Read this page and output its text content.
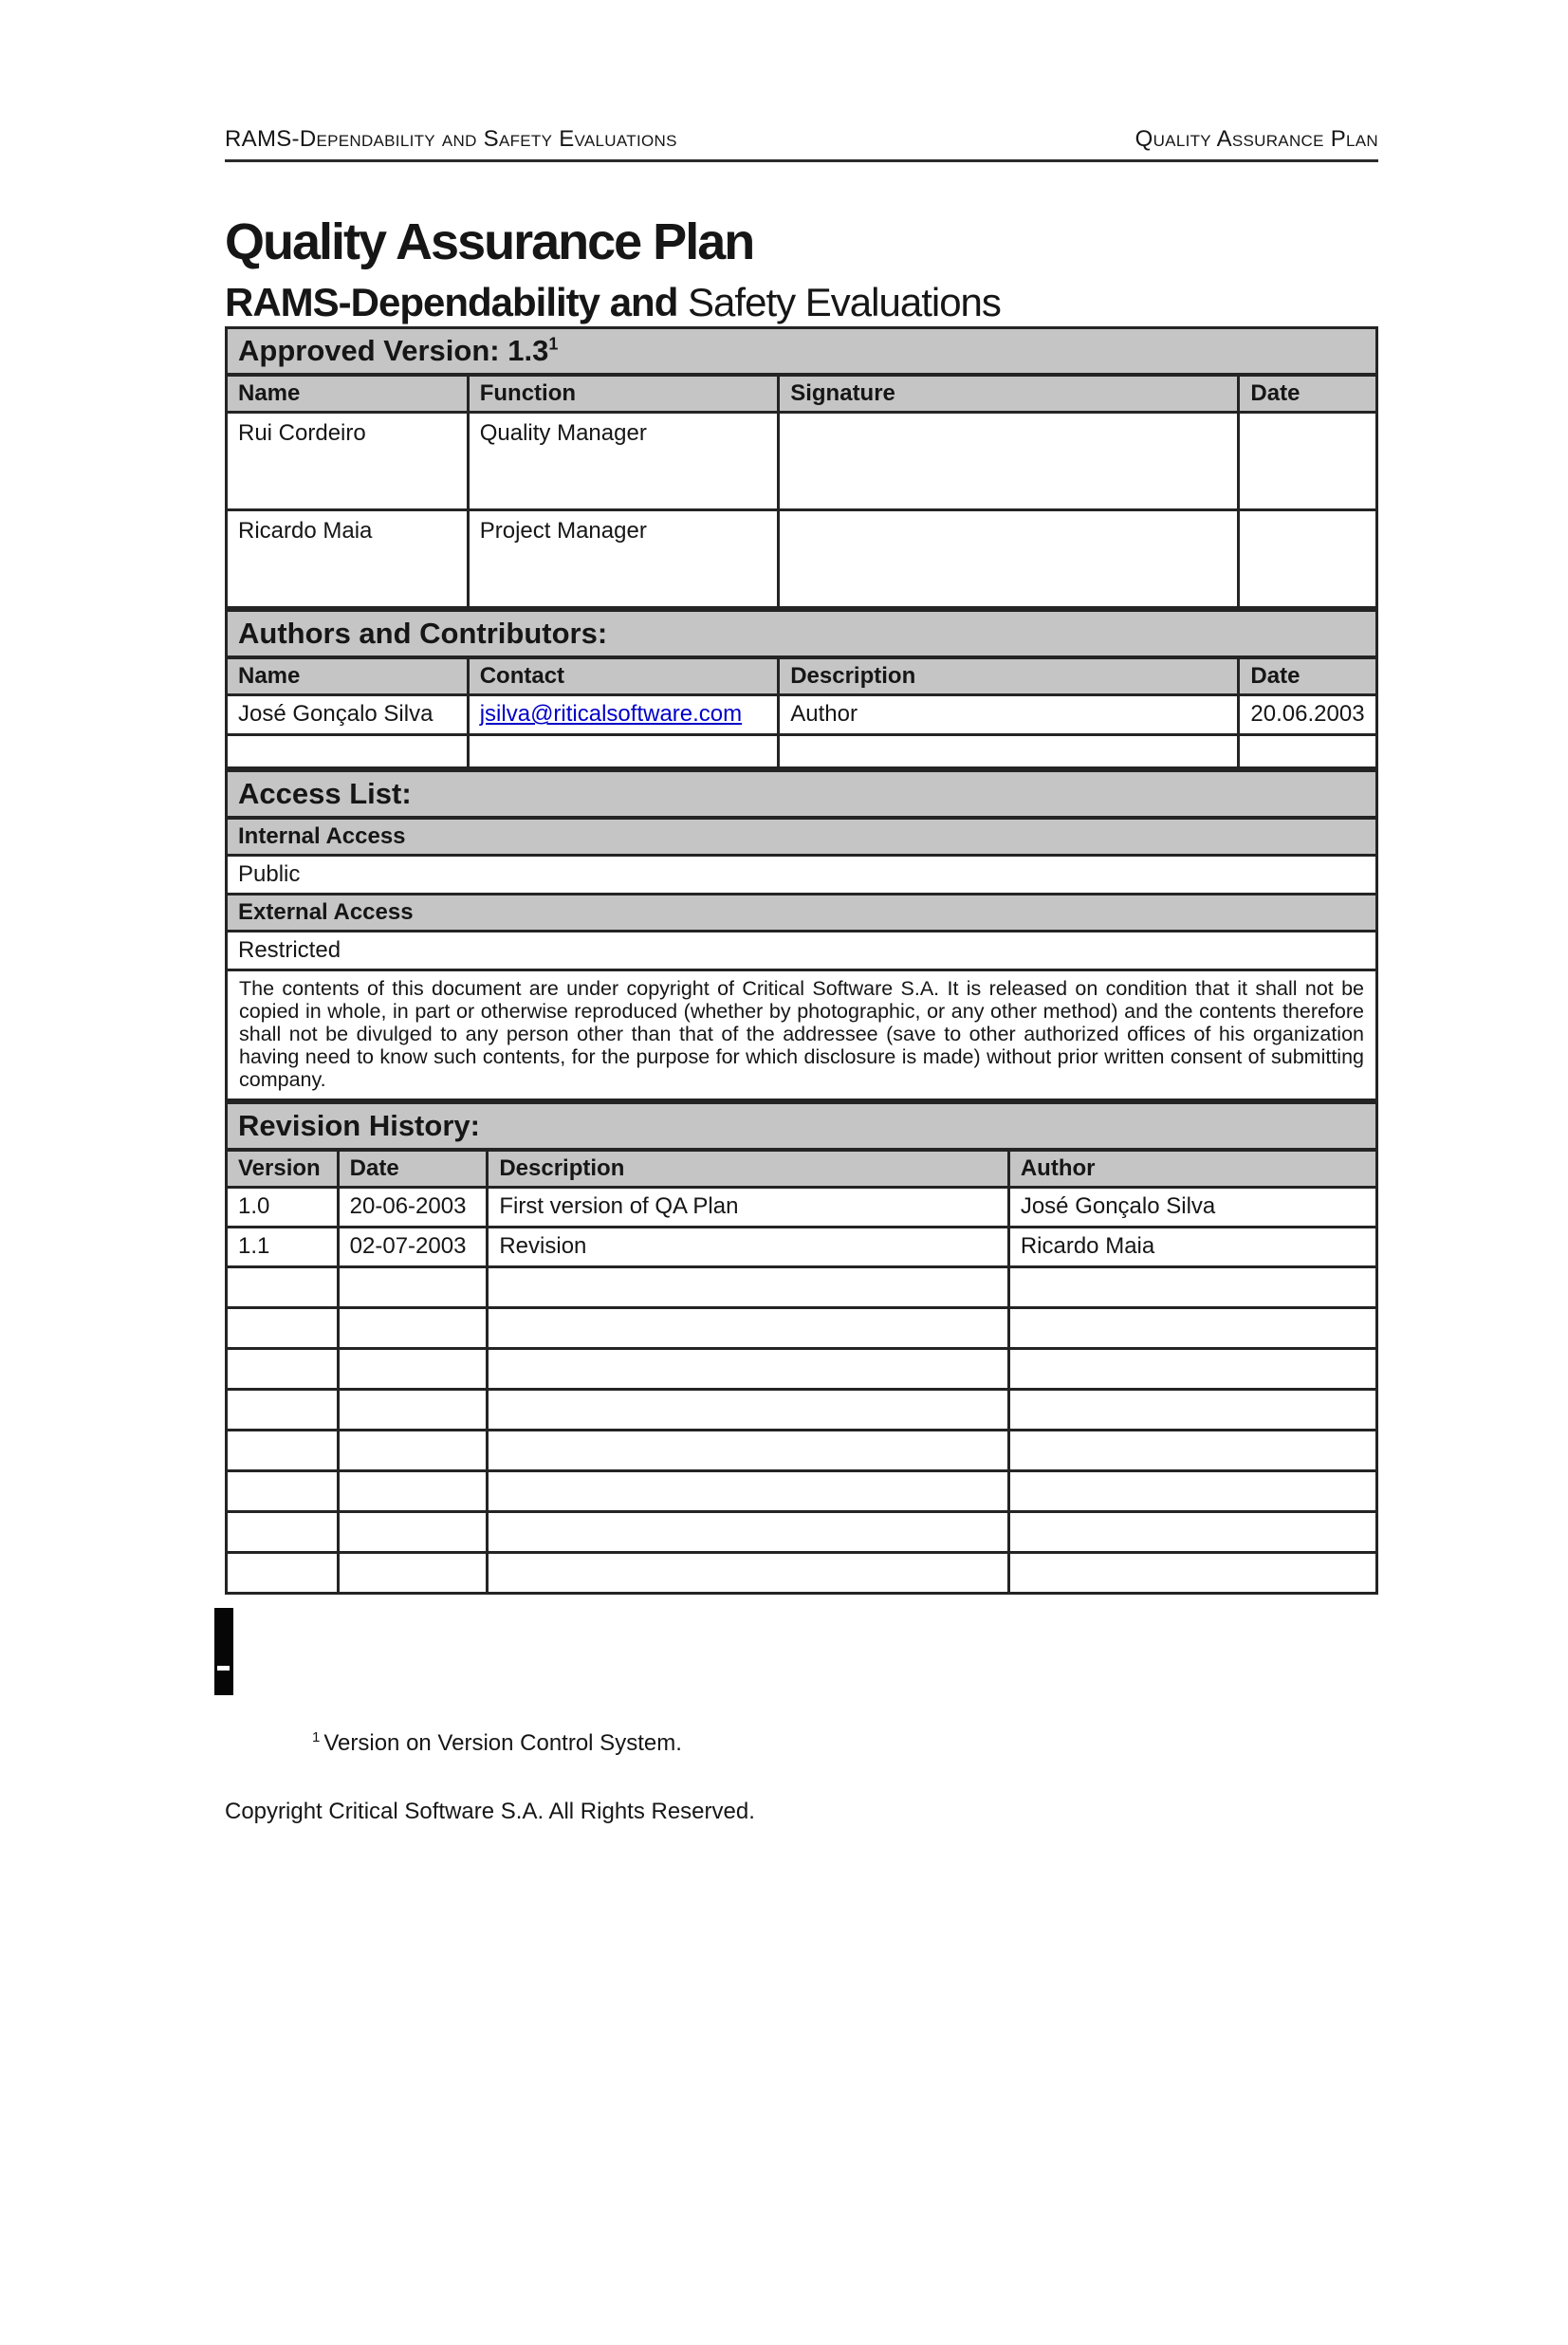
RAMS-Dependability and Safety Evaluations	Quality Assurance Plan
Quality Assurance Plan
RAMS-Dependability and Safety Evaluations
Approved Version: $1.3^1$
Name	Function	Signature	Date
Rui Cordeiro	Quality Manager		
Ricardo Maia	Project Manager		
Authors and Contributors:			
Name	Contact	Description	Date
José Gonçalo Silva	jsilva@riticalsoftware.com	Author	20.06.2003

Access List:
Internal Access
Public
External Access
Restricted
The contents of this document are under copyright of Critical Software S.A. It is released on condition that it shall not be copied in whole, in part or otherwise reproduced (whether by photographic, or any other method) and the contents therefore shall not be divulged to any person other than that of the addressee (save to other authorized offices of his organization having need to know such contents, for the purpose for which disclosure is made) without prior written consent of submitting company.
Revision History:			
Version	Date	Description	Author
1.0	20-06-2003	First version of QA Plan	José Gonçalo Silva
1.1	02-07-2003	Revision	Ricardo Maia

$^1$ Version on Version Control System.
Copyright Critical Software S.A. All Rights Reserved.
